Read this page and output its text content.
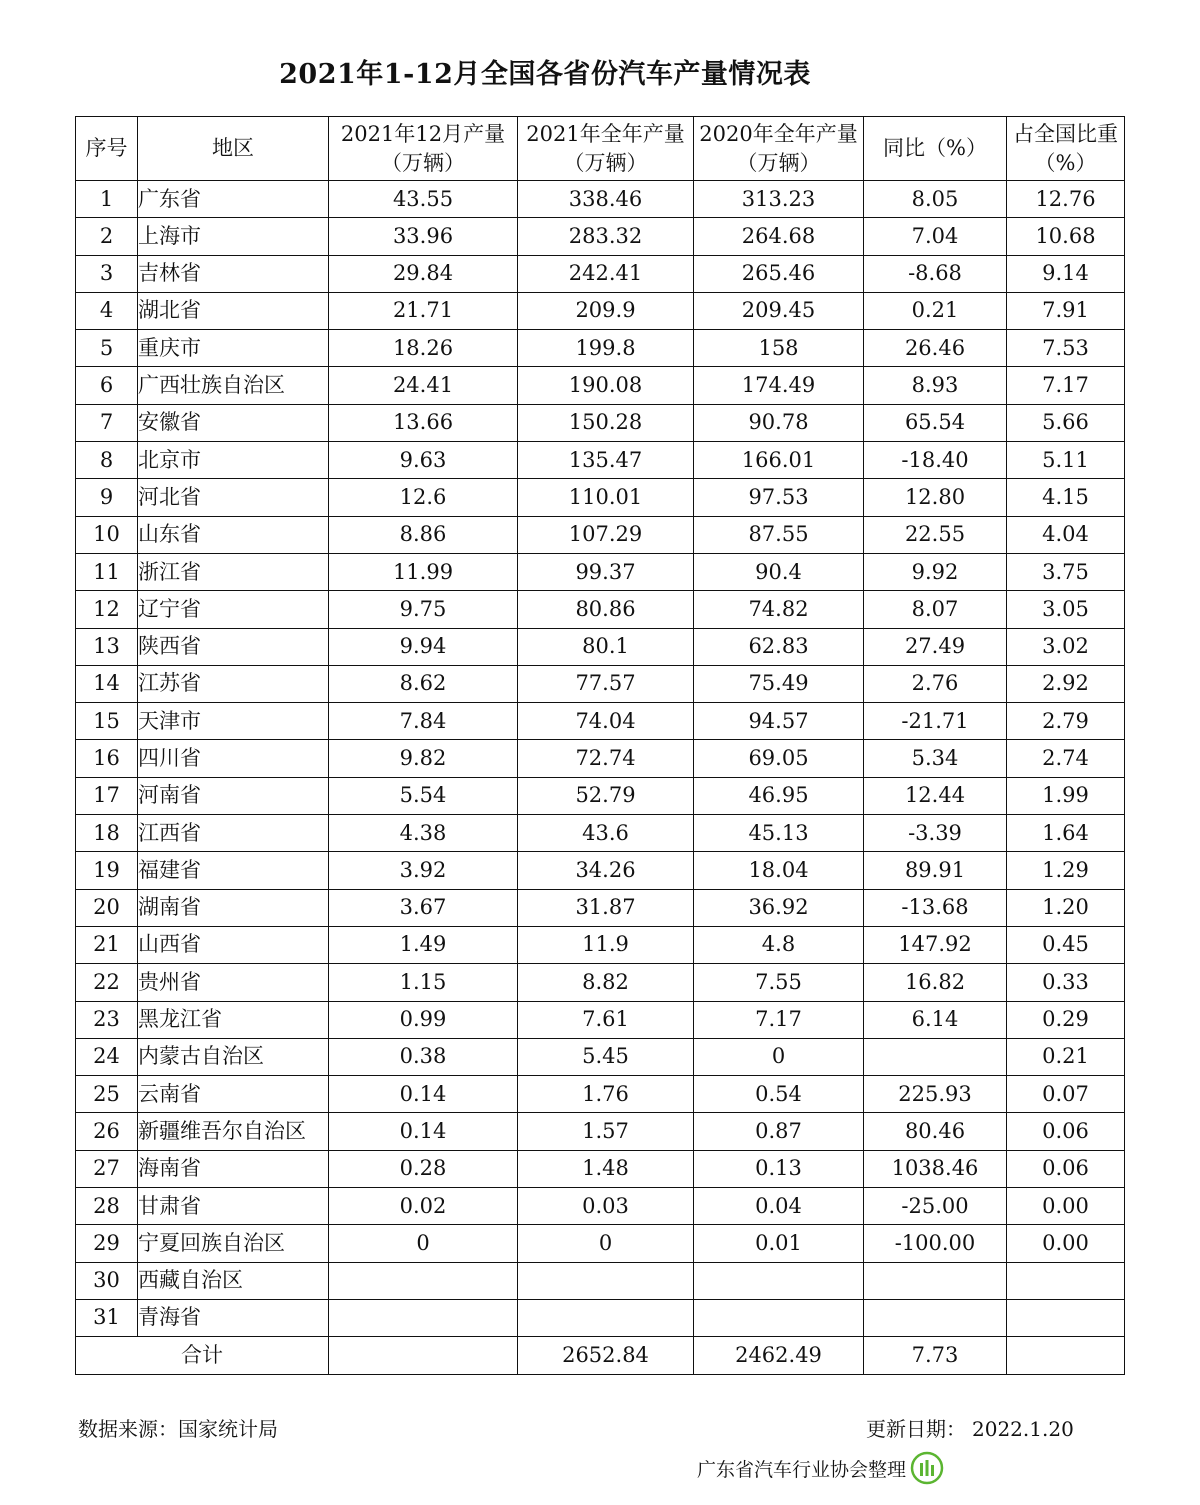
2021年1-12月全国各省份汽车产量情况表
序号	地区	2021年12月产量（万辆）	2021年全年产量（万辆）	2020年全年产量（万辆）	同比（%）	占全国比重（%）
1	广东省	43.55	338.46	313.23	8.05	12.76
2	上海市	33.96	283.32	264.68	7.04	10.68
3	吉林省	29.84	242.41	265.46	-8.68	9.14
4	湖北省	21.71	209.9	209.45	0.21	7.91
5	重庆市	18.26	199.8	158	26.46	7.53
6	广西壮族自治区	24.41	190.08	174.49	8.93	7.17
7	安徽省	13.66	150.28	90.78	65.54	5.66
8	北京市	9.63	135.47	166.01	-18.40	5.11
9	河北省	12.6	110.01	97.53	12.80	4.15
10	山东省	8.86	107.29	87.55	22.55	4.04
11	浙江省	11.99	99.37	90.4	9.92	3.75
12	辽宁省	9.75	80.86	74.82	8.07	3.05
13	陕西省	9.94	80.1	62.83	27.49	3.02
14	江苏省	8.62	77.57	75.49	2.76	2.92
15	天津市	7.84	74.04	94.57	-21.71	2.79
16	四川省	9.82	72.74	69.05	5.34	2.74
17	河南省	5.54	52.79	46.95	12.44	1.99
18	江西省	4.38	43.6	45.13	-3.39	1.64
19	福建省	3.92	34.26	18.04	89.91	1.29
20	湖南省	3.67	31.87	36.92	-13.68	1.20
21	山西省	1.49	11.9	4.8	147.92	0.45
22	贵州省	1.15	8.82	7.55	16.82	0.33
23	黑龙江省	0.99	7.61	7.17	6.14	0.29
24	内蒙古自治区	0.38	5.45	0		0.21
25	云南省	0.14	1.76	0.54	225.93	0.07
26	新疆维吾尔自治区	0.14	1.57	0.87	80.46	0.06
27	海南省	0.28	1.48	0.13	1038.46	0.06
28	甘肃省	0.02	0.03	0.04	-25.00	0.00
29	宁夏回族自治区	0	0	0.01	-100.00	0.00
30	西藏自治区					
31	青海省					
合计			2652.84	2462.49	7.73	
数据来源：国家统计局	更新日期： 2022.1.20
广东省汽车行业协会整理
